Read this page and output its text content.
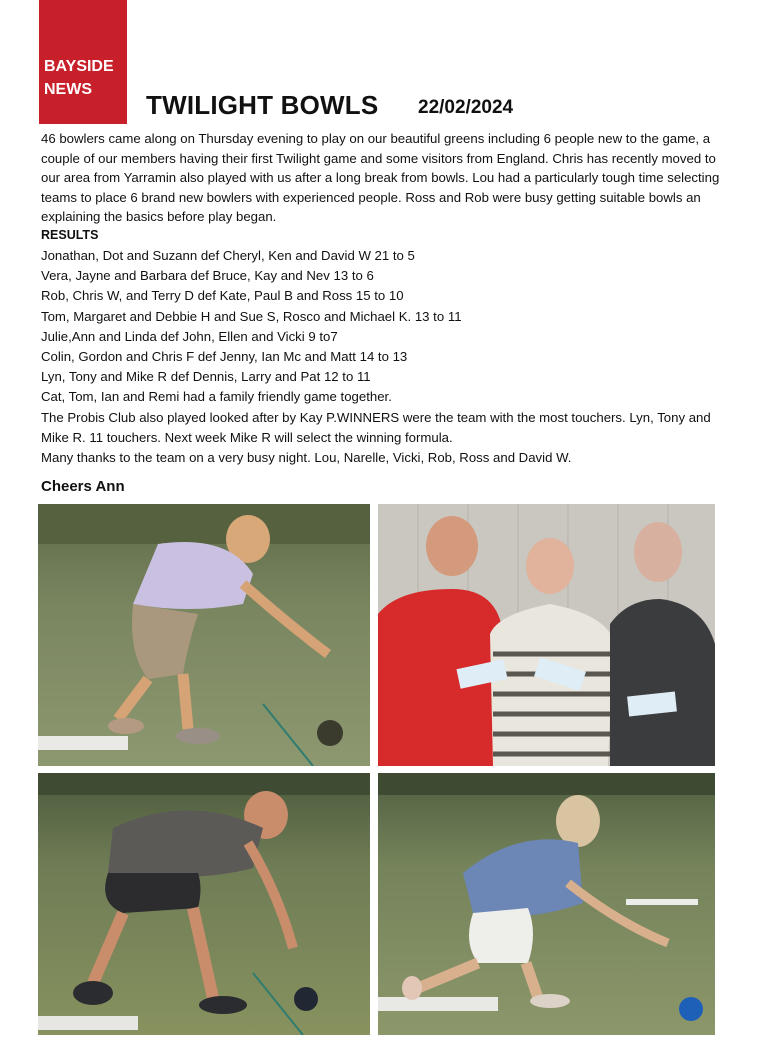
BAYSIDE
NEWS
TWILIGHT BOWLS 22/02/2024

46 bowlers came along on Thursday evening to play on our beautiful greens including 6 people new to the game, a couple of our members having their first Twilight game and some visitors from England. Chris has recently moved to our area from Yarramin also played with us after a long break from bowls. Lou had a particularly tough time selecting teams to place 6 brand new bowlers with experienced people. Ross and Rob were busy getting suitable bowls an explaining the basics before play began.

RESULTS
Jonathan, Dot and Suzann def Cheryl, Ken and David W 21 to 5
Vera, Jayne and Barbara def Bruce, Kay and Nev 13 to 6
Rob, Chris W, and Terry D def Kate, Paul B and Ross 15 to 10
Tom, Margaret and Debbie H and Sue S, Rosco and Michael K. 13 to 11
Julie,Ann and Linda def John, Ellen and Vicki 9 to7
Colin, Gordon and Chris F def Jenny, Ian Mc and Matt 14 to 13
Lyn, Tony and Mike R def Dennis, Larry and Pat 12 to 11
Cat, Tom, Ian and Remi had a family friendly game together.
The Probis Club also played looked after by Kay P.WINNERS were the team with the most touchers. Lyn, Tony and Mike R. 11 touchers. Next week Mike R will select the winning formula.
Many thanks to the team on a very busy night. Lou, Narelle, Vicki, Rob, Ross and David W.
Cheers Ann
